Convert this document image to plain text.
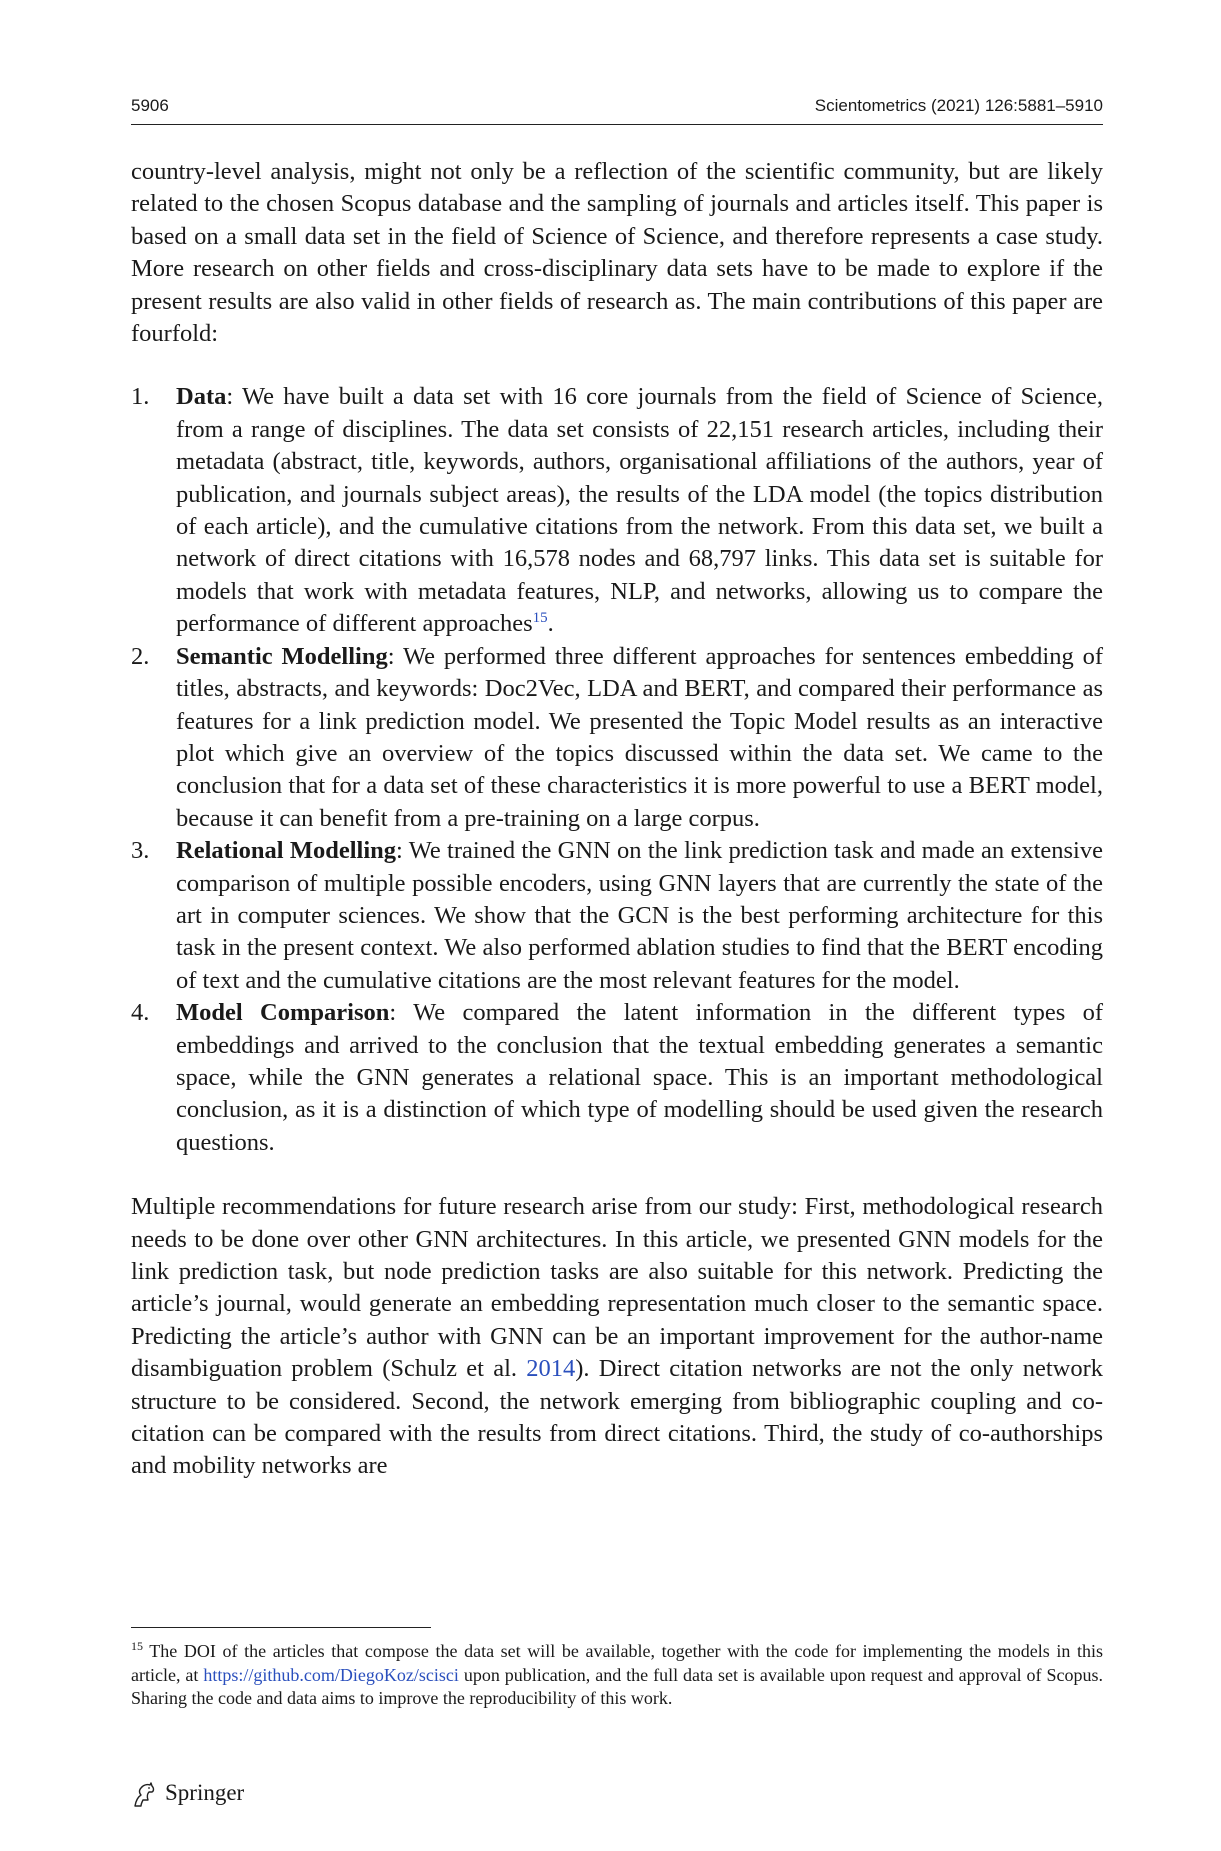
5906	Scientometrics (2021) 126:5881–5910

country-level analysis, might not only be a reflection of the scientific community, but are likely related to the chosen Scopus database and the sampling of journals and articles itself. This paper is based on a small data set in the field of Science of Science, and therefore represents a case study. More research on other fields and cross-disciplinary data sets have to be made to explore if the present results are also valid in other fields of research as. The main contributions of this paper are fourfold:

1. Data: We have built a data set with 16 core journals from the field of Science of Science, from a range of disciplines. The data set consists of 22,151 research articles, including their metadata (abstract, title, keywords, authors, organisational affiliations of the authors, year of publication, and journals subject areas), the results of the LDA model (the topics distribution of each article), and the cumulative citations from the network. From this data set, we built a network of direct citations with 16,578 nodes and 68,797 links. This data set is suitable for models that work with metadata features, NLP, and networks, allowing us to compare the performance of different approaches$^{15}$.
2. Semantic Modelling: We performed three different approaches for sentences embedding of titles, abstracts, and keywords: Doc2Vec, LDA and BERT, and compared their performance as features for a link prediction model. We presented the Topic Model results as an interactive plot which give an overview of the topics discussed within the data set. We came to the conclusion that for a data set of these characteristics it is more powerful to use a BERT model, because it can benefit from a pre-training on a large corpus.
3. Relational Modelling: We trained the GNN on the link prediction task and made an extensive comparison of multiple possible encoders, using GNN layers that are currently the state of the art in computer sciences. We show that the GCN is the best performing architecture for this task in the present context. We also performed ablation studies to find that the BERT encoding of text and the cumulative citations are the most relevant features for the model.
4. Model Comparison: We compared the latent information in the different types of embeddings and arrived to the conclusion that the textual embedding generates a semantic space, while the GNN generates a relational space. This is an important methodological conclusion, as it is a distinction of which type of modelling should be used given the research questions.

Multiple recommendations for future research arise from our study: First, methodological research needs to be done over other GNN architectures. In this article, we presented GNN models for the link prediction task, but node prediction tasks are also suitable for this network. Predicting the article’s journal, would generate an embedding representation much closer to the semantic space. Predicting the article’s author with GNN can be an important improvement for the author-name disambiguation problem (Schulz et al. 2014). Direct citation networks are not the only network structure to be considered. Second, the network emerging from bibliographic coupling and co-citation can be compared with the results from direct citations. Third, the study of co-authorships and mobility networks are

$^{15}$ The DOI of the articles that compose the data set will be available, together with the code for implementing the models in this article, at https://github.com/DiegoKoz/scisci upon publication, and the full data set is available upon request and approval of Scopus. Sharing the code and data aims to improve the reproducibility of this work.
Springer
